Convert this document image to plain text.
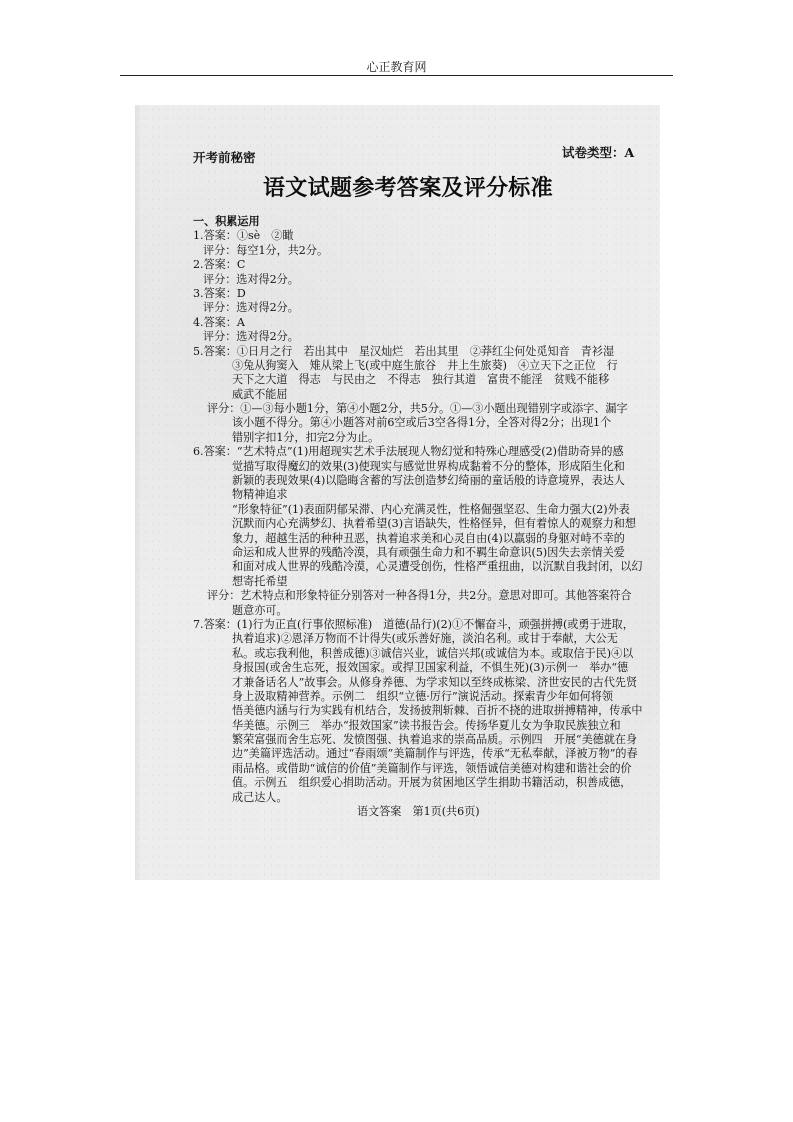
心正教育网
开考前秘密	试卷类型：A
语文试题参考答案及评分标准
一、积累运用
1.答案：①sè　②瞰
评分：每空1分，共2分。
2.答案：C
评分：选对得2分。
3.答案：D
评分：选对得2分。
4.答案：A
评分：选对得2分。
5.答案：①日月之行　若出其中　星汉灿烂　若出其里　②莽红尘何处觅知音　青衫湿
③兔从狗窦入　雉从梁上飞(或中庭生旅谷　井上生旅葵)　④立天下之正位　行
天下之大道　得志　与民由之　不得志　独行其道　富贵不能淫　贫贱不能移
威武不能屈
评分：①—③每小题1分，第④小题2分，共5分。①—③小题出现错别字或添字、漏字
该小题不得分。第④小题答对前6空或后3空各得1分，全答对得2分；出现1个
错别字扣1分，扣完2分为止。
6.答案：“艺术特点”(1)用超现实艺术手法展现人物幻觉和特殊心理感受(2)借助奇异的感
觉描写取得魔幻的效果(3)使现实与感觉世界构成黏着不分的整体，形成陌生化和
新颖的表现效果(4)以隐晦含蓄的写法创造梦幻绮丽的童话般的诗意境界，表达人
物精神追求
“形象特征”(1)表面阴郁呆滞、内心充满灵性，性格倔强坚忍、生命力强大(2)外表
沉默而内心充满梦幻、执着希望(3)言语缺失，性格怪异，但有着惊人的观察力和想
象力，超越生活的种种丑恶，执着追求美和心灵自由(4)以羸弱的身躯对峙不幸的
命运和成人世界的残酷冷漠，具有顽强生命力和不羁生命意识(5)因失去亲情关爱
和面对成人世界的残酷冷漠，心灵遭受创伤，性格严重扭曲，以沉默自我封闭，以幻
想寄托希望
评分：艺术特点和形象特征分别答对一种各得1分，共2分。意思对即可。其他答案符合
题意亦可。
7.答案：(1)行为正直(行事依照标准)　道德(品行)(2)①不懈奋斗，顽强拼搏(或勇于进取，
执着追求)②恩泽万物而不计得失(或乐善好施，淡泊名利。或甘于奉献，大公无
私。或忘我利他，积善成德)③诚信兴业，诚信兴邦(或诚信为本。或取信于民)④以
身报国(或舍生忘死，报效国家。或捍卫国家利益，不惧生死)(3)示例一　举办“德
才兼备话名人”故事会。从修身养德、为学求知以至终成栋梁、济世安民的古代先贤
身上汲取精神营养。示例二　组织“立德·厉行”演说活动。探索青少年如何将领
悟美德内涵与行为实践有机结合，发扬披荆斩棘、百折不挠的进取拼搏精神，传承中
华美德。示例三　举办“报效国家”读书报告会。传扬华夏儿女为争取民族独立和
繁荣富强而舍生忘死、发愤图强、执着追求的崇高品质。示例四　开展“美德就在身
边”美篇评选活动。通过“春雨颂”美篇制作与评选，传承“无私奉献，泽被万物”的春
雨品格。或借助“诚信的价值”美篇制作与评选，领悟诚信美德对构建和谐社会的价
值。示例五　组织爱心捐助活动。开展为贫困地区学生捐助书籍活动，积善成德，
成己达人。
语文答案　第1页(共6页)
